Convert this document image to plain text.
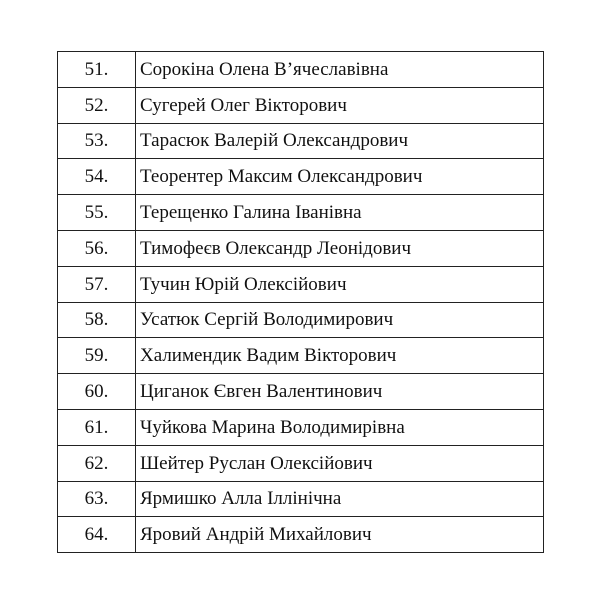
51.	Сорокіна Олена В’ячеславівна
52.	Сугерей Олег Вікторович
53.	Тарасюк Валерій Олександрович
54.	Теорентер Максим Олександрович
55.	Терещенко Галина Іванівна
56.	Тимофеєв Олександр Леонідович
57.	Тучин Юрій Олексійович
58.	Усатюк Сергій Володимирович
59.	Халимендик Вадим Вікторович
60.	Циганок Євген Валентинович
61.	Чуйкова Марина Володимирівна
62.	Шейтер Руслан Олексійович
63.	Ярмишко Алла Іллінічна
64.	Яровий Андрій Михайлович
